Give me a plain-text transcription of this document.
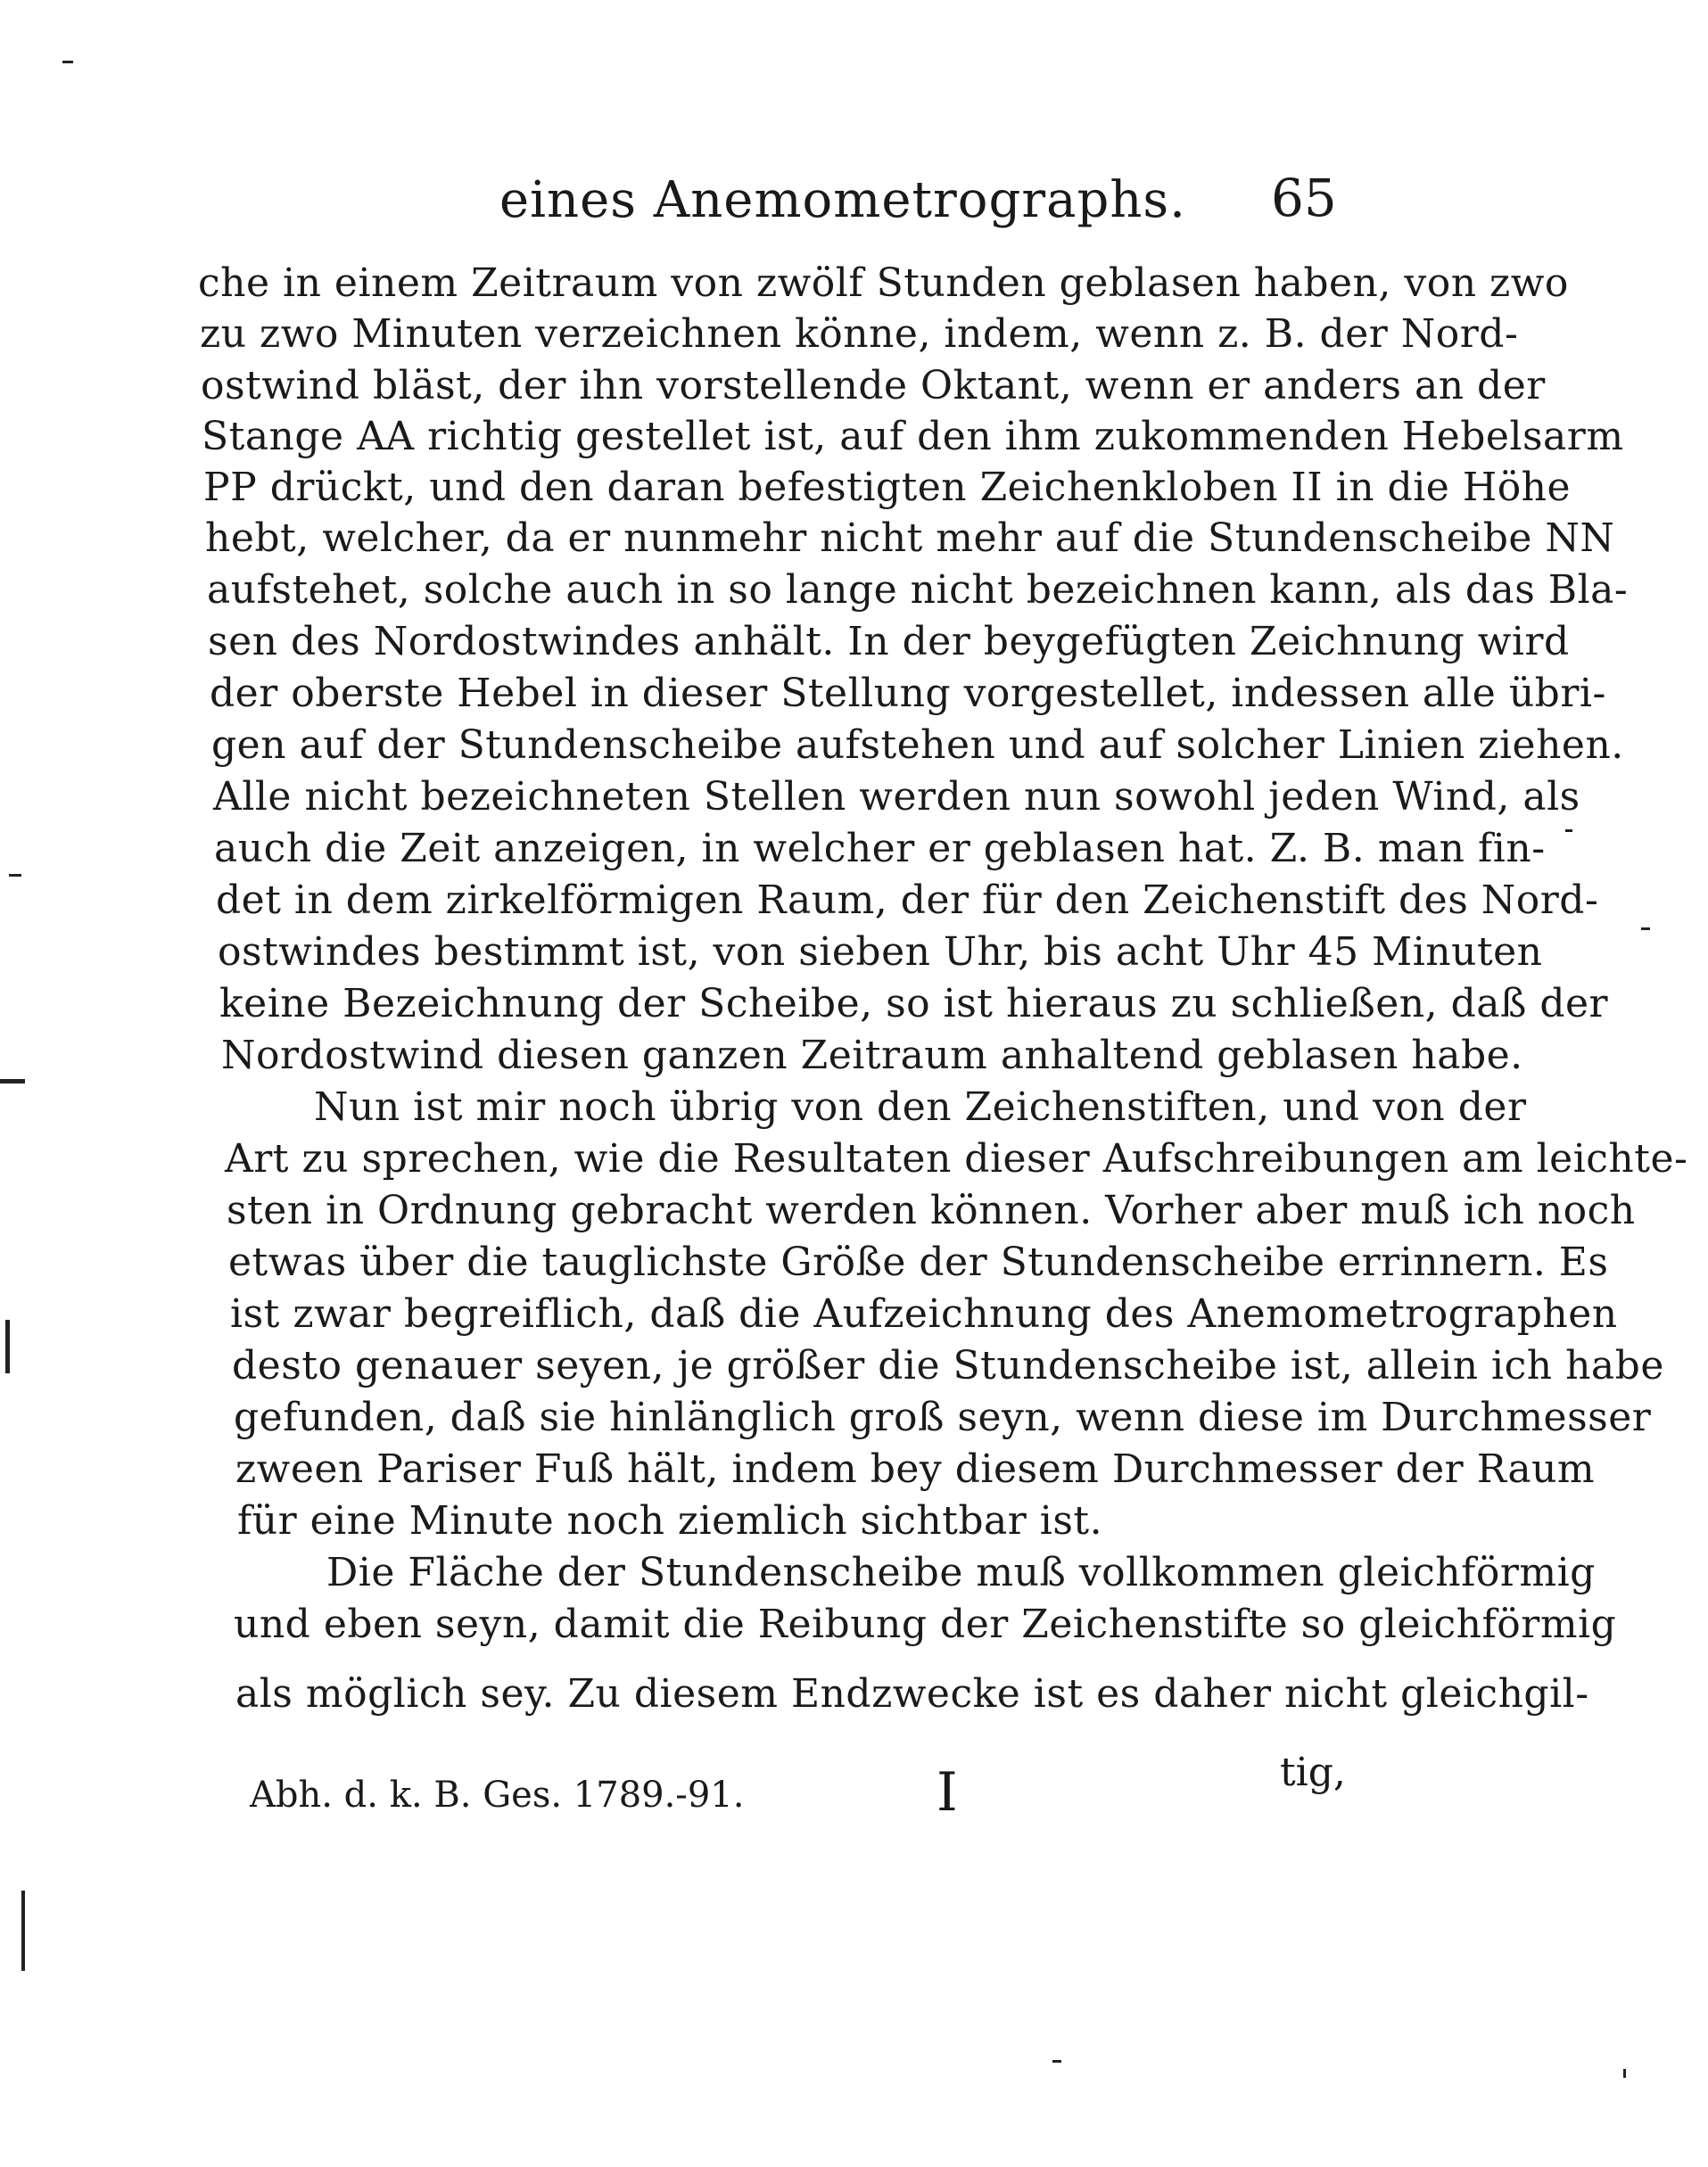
eines Anemometrographs. 65
che in einem Zeitraum von zwölf Stunden geblasen haben, von zwo
zu zwo Minuten verzeichnen könne, indem, wenn z. B. der Nord-
ostwind bläst, der ihn vorstellende Oktant, wenn er anders an der
Stange AA richtig gestellet ist, auf den ihm zukommenden Hebelsarm
PP drückt, und den daran befestigten Zeichenkloben II in die Höhe
hebt, welcher, da er nunmehr nicht mehr auf die Stundenscheibe NN
aufstehet, solche auch in so lange nicht bezeichnen kann, als das Bla-
sen des Nordostwindes anhält. In der beygefügten Zeichnung wird
der oberste Hebel in dieser Stellung vorgestellet, indessen alle übri-
gen auf der Stundenscheibe aufstehen und auf solcher Linien ziehen.
Alle nicht bezeichneten Stellen werden nun sowohl jeden Wind, als
auch die Zeit anzeigen, in welcher er geblasen hat. Z. B. man fin-
det in dem zirkelförmigen Raum, der für den Zeichenstift des Nord-
ostwindes bestimmt ist, von sieben Uhr, bis acht Uhr 45 Minuten
keine Bezeichnung der Scheibe, so ist hieraus zu schließen, daß der
Nordostwind diesen ganzen Zeitraum anhaltend geblasen habe.
Nun ist mir noch übrig von den Zeichenstiften, und von der
Art zu sprechen, wie die Resultaten dieser Aufschreibungen am leichte-
sten in Ordnung gebracht werden können. Vorher aber muß ich noch
etwas über die tauglichste Größe der Stundenscheibe errinnern. Es
ist zwar begreiflich, daß die Aufzeichnung des Anemometrographen
desto genauer seyen, je größer die Stundenscheibe ist, allein ich habe
gefunden, daß sie hinlänglich groß seyn, wenn diese im Durchmesser
zween Pariser Fuß hält, indem bey diesem Durchmesser der Raum
für eine Minute noch ziemlich sichtbar ist.
Die Fläche der Stundenscheibe muß vollkommen gleichförmig
und eben seyn, damit die Reibung der Zeichenstifte so gleichförmig
als möglich sey. Zu diesem Endzwecke ist es daher nicht gleichgil-
Abh. d. k. B. Ges. 1789.-91.	I	tig,
